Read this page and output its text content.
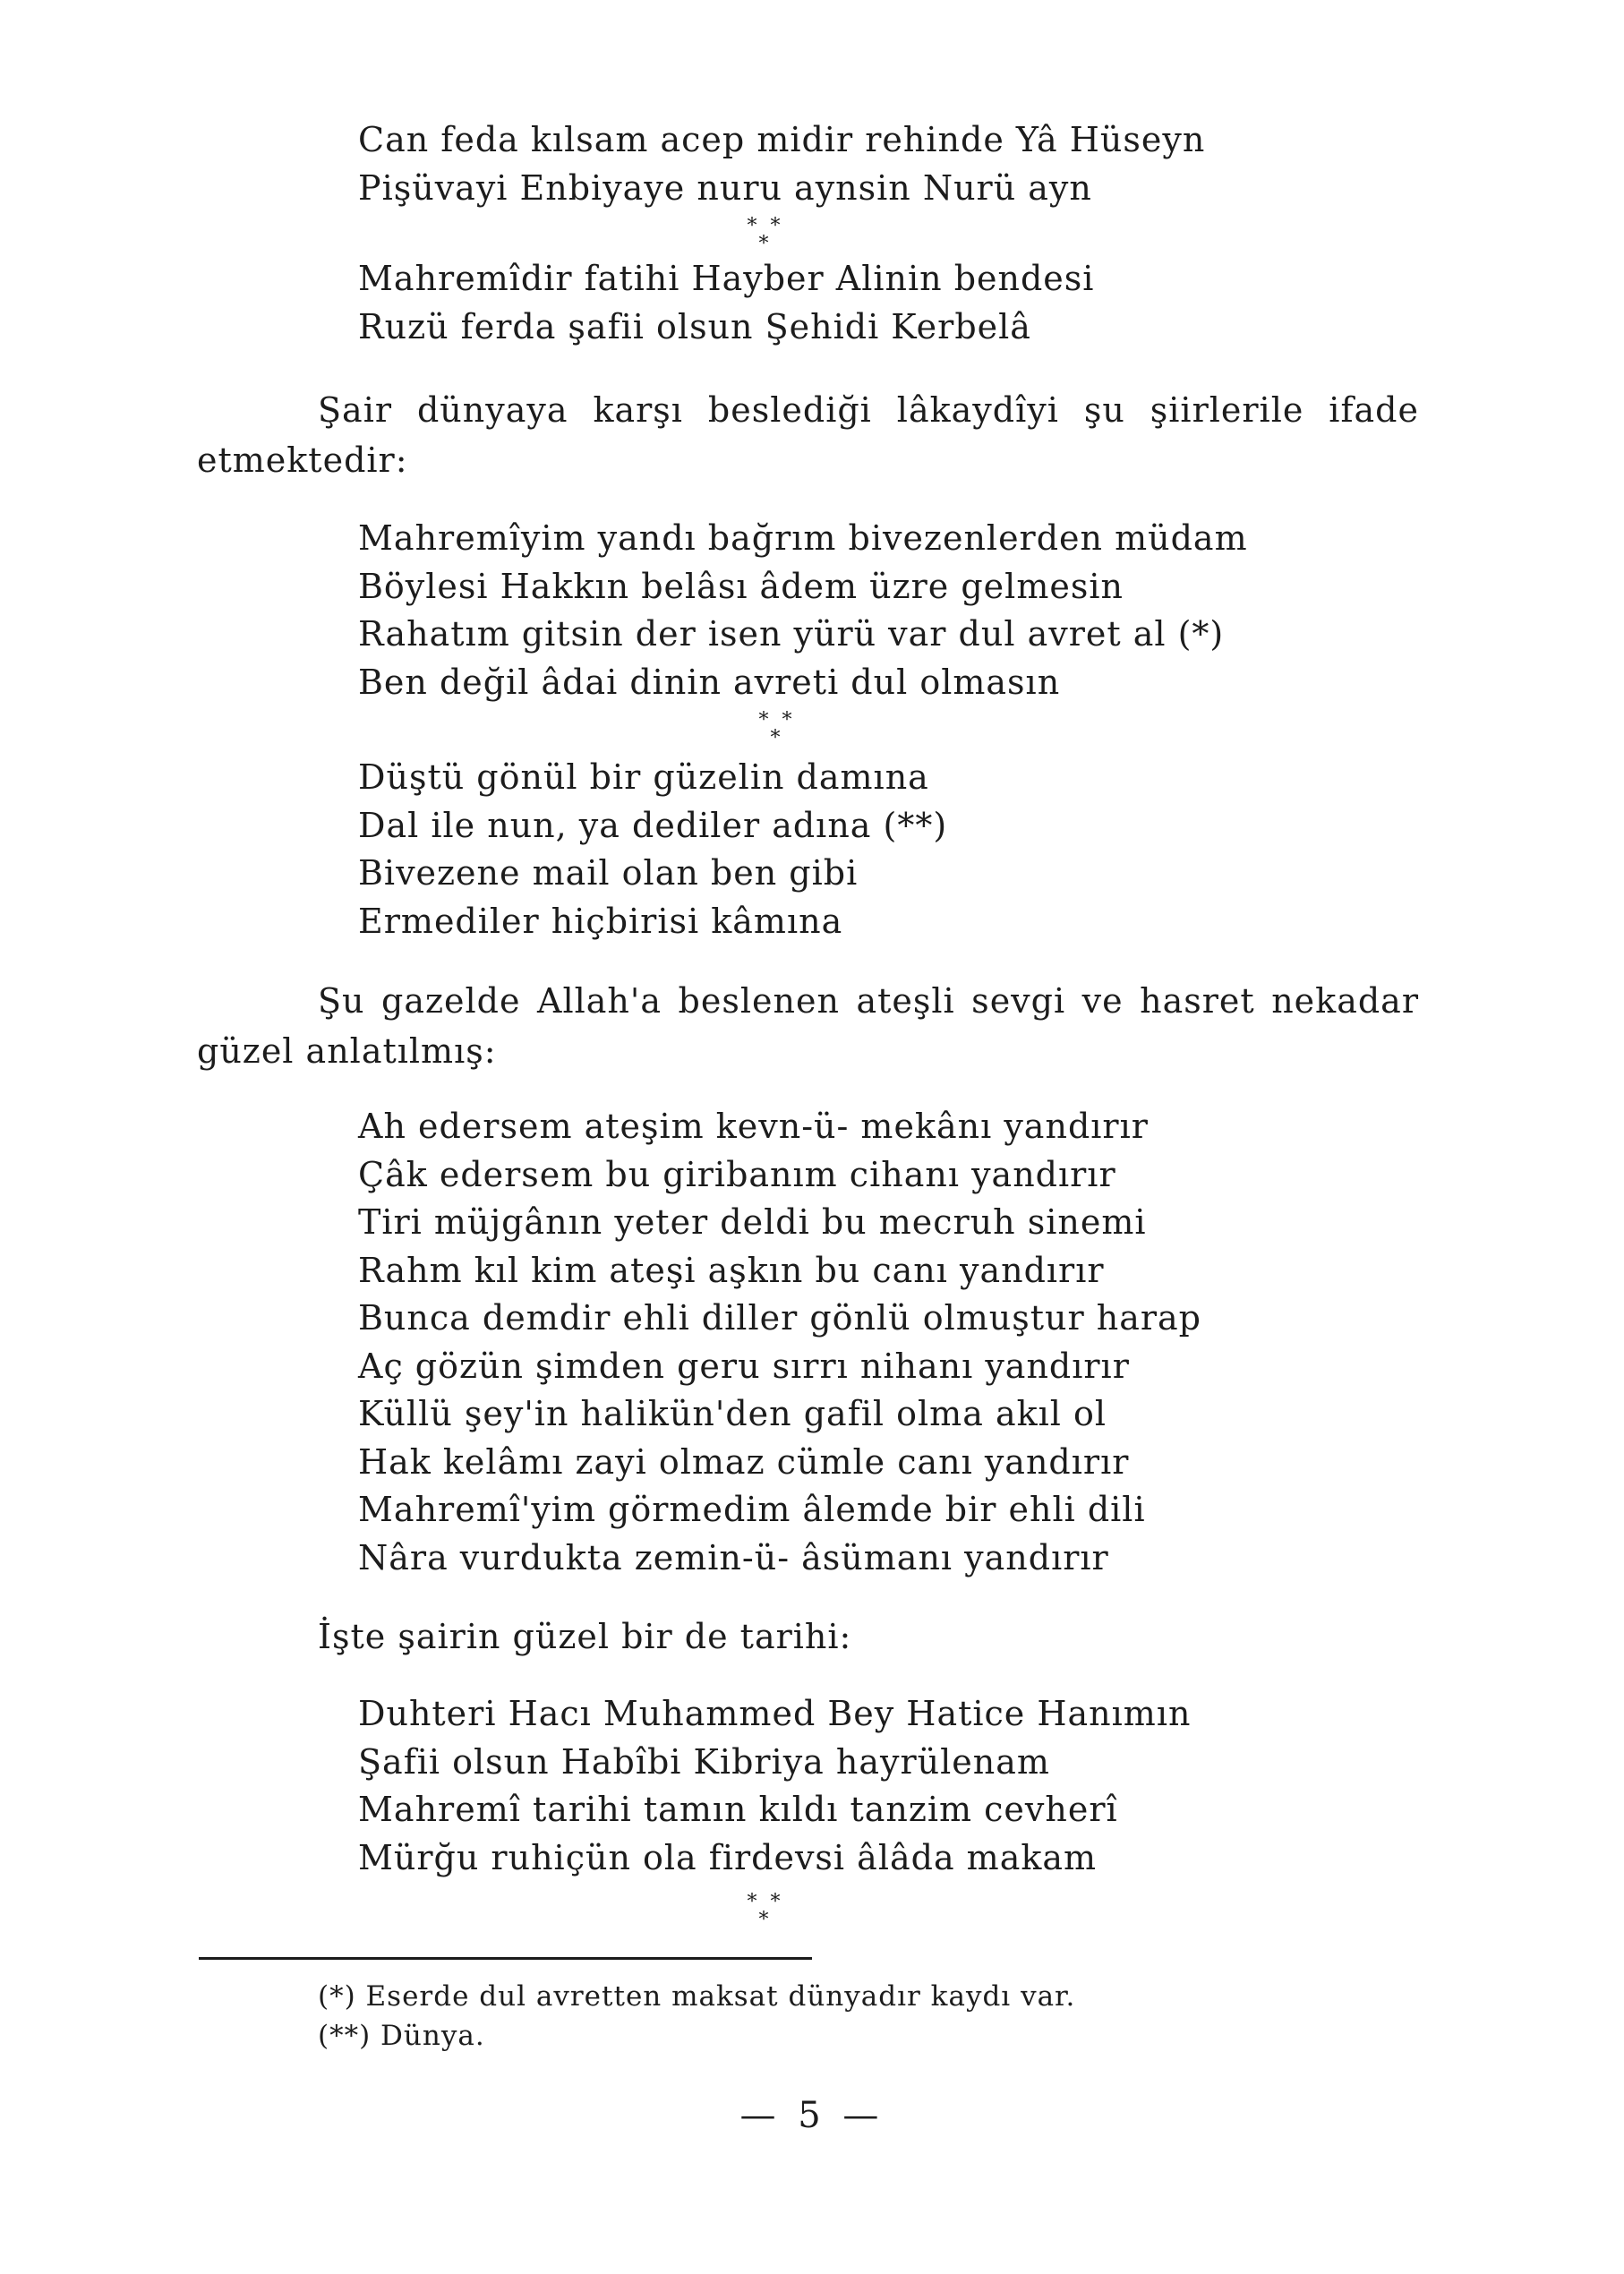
Can feda kılsam acep midir rehinde Yâ Hüseyn
Pişüvayi Enbiyaye nuru aynsin Nurü ayn
* *
*
Mahremîdir fatihi Hayber Alinin bendesi
Ruzü ferda şafii olsun Şehidi Kerbelâ
Şair dünyaya karşı beslediği lâkaydîyi şu şiirlerile ifade
etmektedir:
Mahremîyim yandı bağrım bivezenlerden müdam
Böylesi Hakkın belâsı âdem üzre gelmesin
Rahatım gitsin der isen yürü var dul avret al (*)
Ben değil âdai dinin avreti dul olmasın
* *
*
Düştü gönül bir güzelin damına
Dal ile nun, ya dediler adına (**)
Bivezene mail olan ben gibi
Ermediler hiçbirisi kâmına
Şu gazelde Allah'a beslenen ateşli sevgi ve hasret nekadar
güzel anlatılmış:
Ah edersem ateşim kevn-ü- mekânı yandırır
Çâk edersem bu giribanım cihanı yandırır
Tiri müjgânın yeter deldi bu mecruh sinemi
Rahm kıl kim ateşi aşkın bu canı yandırır
Bunca demdir ehli diller gönlü olmuştur harap
Aç gözün şimden geru sırrı nihanı yandırır
Küllü şey'in halikün'den gafil olma akıl ol
Hak kelâmı zayi olmaz cümle canı yandırır
Mahremî'yim görmedim âlemde bir ehli dili
Nâra vurdukta zemin-ü- âsümanı yandırır
İşte şairin güzel bir de tarihi:
Duhteri Hacı Muhammed Bey Hatice Hanımın
Şafii olsun Habîbi Kibriya hayrülenam
Mahremî tarihi tamın kıldı tanzim cevherî
Mürğu ruhiçün ola firdevsi âlâda makam
* *
*
(*) Eserde dul avretten maksat dünyadır kaydı var.
(**) Dünya.
— 5 —
